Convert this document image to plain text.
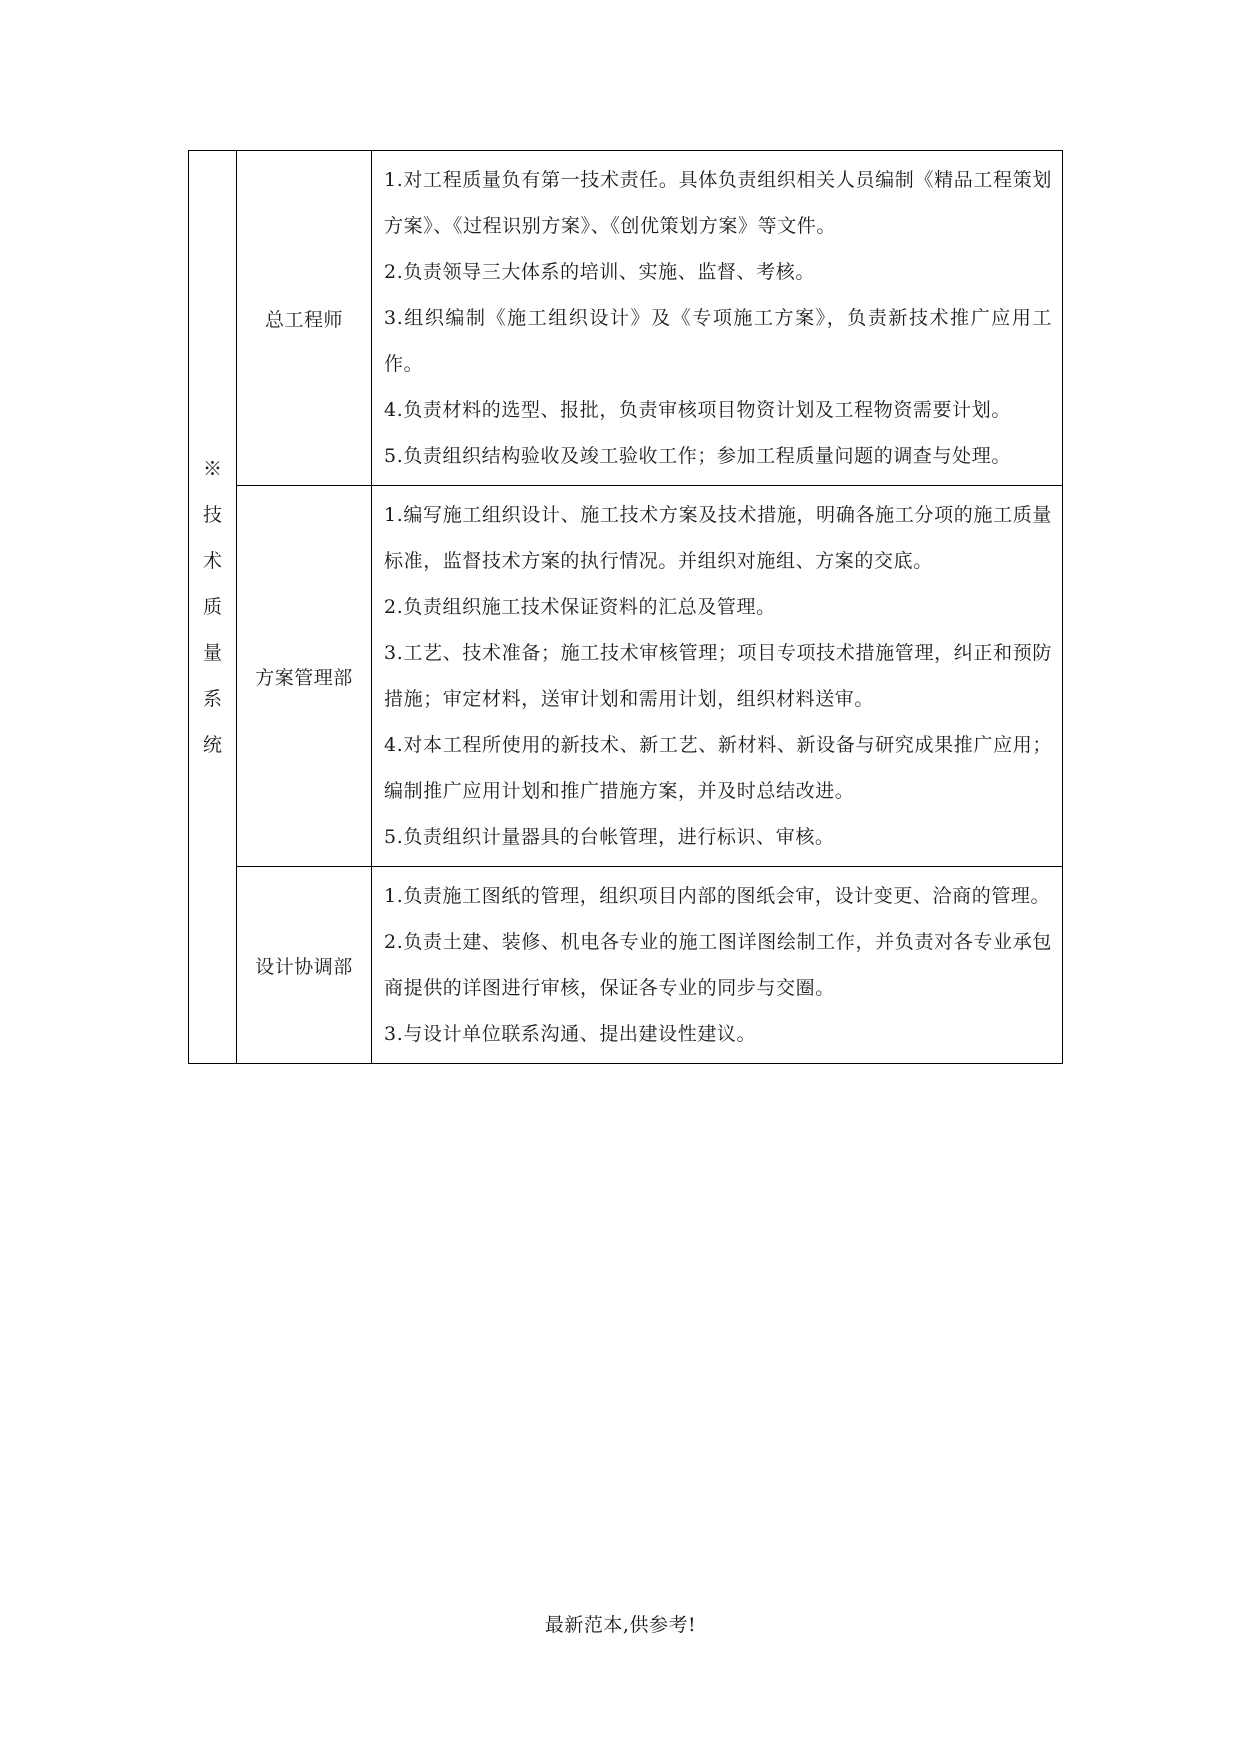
※技术质量系统	总工程师	1.对工程质量负有第一技术责任。具体负责组织相关人员编制《精品工程策划方案》、《过程识别方案》、《创优策划方案》等文件。

2.负责领导三大体系的培训、实施、监督、考核。

3.组织编制《施工组织设计》及《专项施工方案》，负责新技术推广应用工作。

4.负责材料的选型、报批，负责审核项目物资计划及工程物资需要计划。

5.负责组织结构验收及竣工验收工作；参加工程质量问题的调查与处理。

	方案管理部	1.编写施工组织设计、施工技术方案及技术措施，明确各施工分项的施工质量标准，监督技术方案的执行情况。并组织对施组、方案的交底。

2.负责组织施工技术保证资料的汇总及管理。

3.工艺、技术准备；施工技术审核管理；项目专项技术措施管理，纠正和预防措施；审定材料，送审计划和需用计划，组织材料送审。

4.对本工程所使用的新技术、新工艺、新材料、新设备与研究成果推广应用；编制推广应用计划和推广措施方案，并及时总结改进。

5.负责组织计量器具的台帐管理，进行标识、审核。

	设计协调部	1.负责施工图纸的管理，组织项目内部的图纸会审，设计变更、洽商的管理。

2.负责土建、装修、机电各专业的施工图详图绘制工作，并负责对各专业承包商提供的详图进行审核，保证各专业的同步与交圈。

3.与设计单位联系沟通、提出建设性建议。

最新范本,供参考!
